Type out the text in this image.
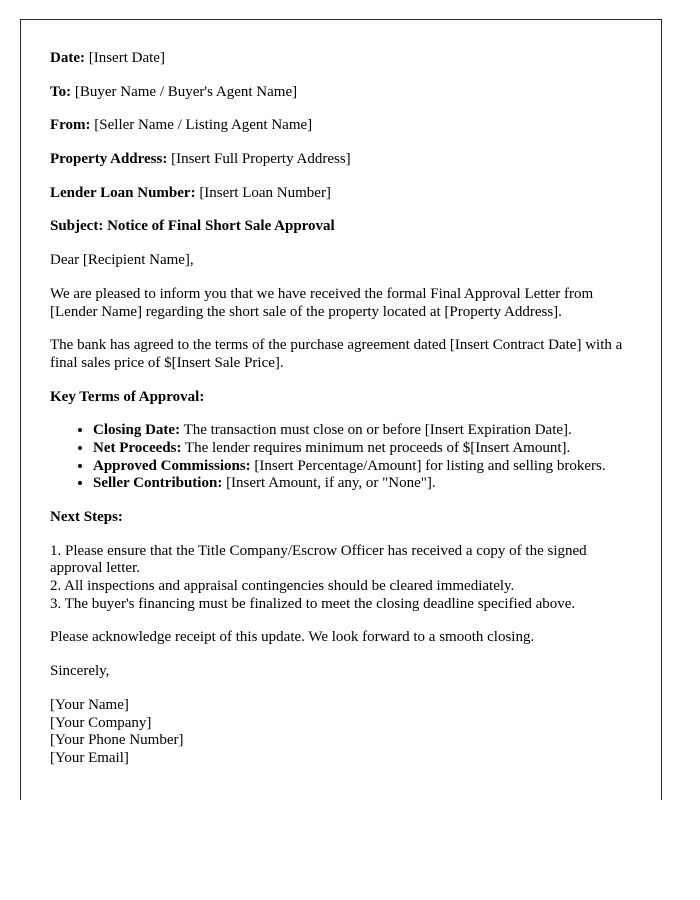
Date: [Insert Date]

To: [Buyer Name / Buyer's Agent Name]

From: [Seller Name / Listing Agent Name]

Property Address: [Insert Full Property Address]

Lender Loan Number: [Insert Loan Number]

Subject: Notice of Final Short Sale Approval

Dear [Recipient Name],

We are pleased to inform you that we have received the formal Final Approval Letter from [Lender Name] regarding the short sale of the property located at [Property Address].

The bank has agreed to the terms of the purchase agreement dated [Insert Contract Date] with a final sales price of $[Insert Sale Price].

Key Terms of Approval:

• Closing Date: The transaction must close on or before [Insert Expiration Date].
• Net Proceeds: The lender requires minimum net proceeds of $[Insert Amount].
• Approved Commissions: [Insert Percentage/Amount] for listing and selling brokers.
• Seller Contribution: [Insert Amount, if any, or "None"].

Next Steps:

1. Please ensure that the Title Company/Escrow Officer has received a copy of the signed approval letter.
2. All inspections and appraisal contingencies should be cleared immediately.
3. The buyer's financing must be finalized to meet the closing deadline specified above.

Please acknowledge receipt of this update. We look forward to a smooth closing.

Sincerely,

[Your Name]
[Your Company]
[Your Phone Number]
[Your Email]
